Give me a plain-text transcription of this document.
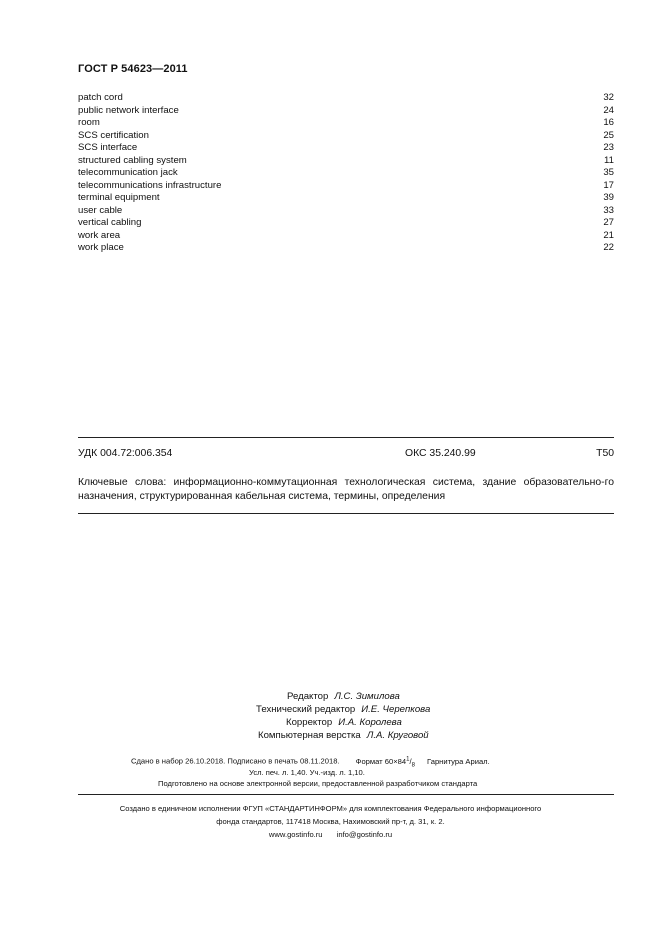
ГОСТ Р 54623—2011
patch cord	32
public network interface	24
room	16
SCS certification	25
SCS interface	23
structured cabling system	11
telecommunication jack	35
telecommunications infrastructure	17
terminal equipment	39
user cable	33
vertical cabling	27
work area	21
work place	22
УДК 004.72:006.354	ОКС 35.240.99	Т50
Ключевые слова: информационно-коммутационная технологическая система, здание образовательно-го назначения, структурированная кабельная система, термины, определения
Редактор Л.С. Зимилова
Технический редактор И.Е. Черепкова
Корректор И.А. Королева
Компьютерная верстка Л.А. Круговой
Сдано в набор 26.10.2018. Подписано в печать 08.11.2018. Формат $60\times 84^1/_8$ Гарнитура Ариал.
Усл. печ. л. 1,40. Уч.-изд. л. 1,10.
Подготовлено на основе электронной версии, предоставленной разработчиком стандарта
Создано в единичном исполнении ФГУП «СТАНДАРТИНФОРМ» для комплектования Федерального информационного
фонда стандартов, 117418 Москва, Нахимовский пр-т, д. 31, к. 2.
www.gostinfo.ru info@gostinfo.ru
